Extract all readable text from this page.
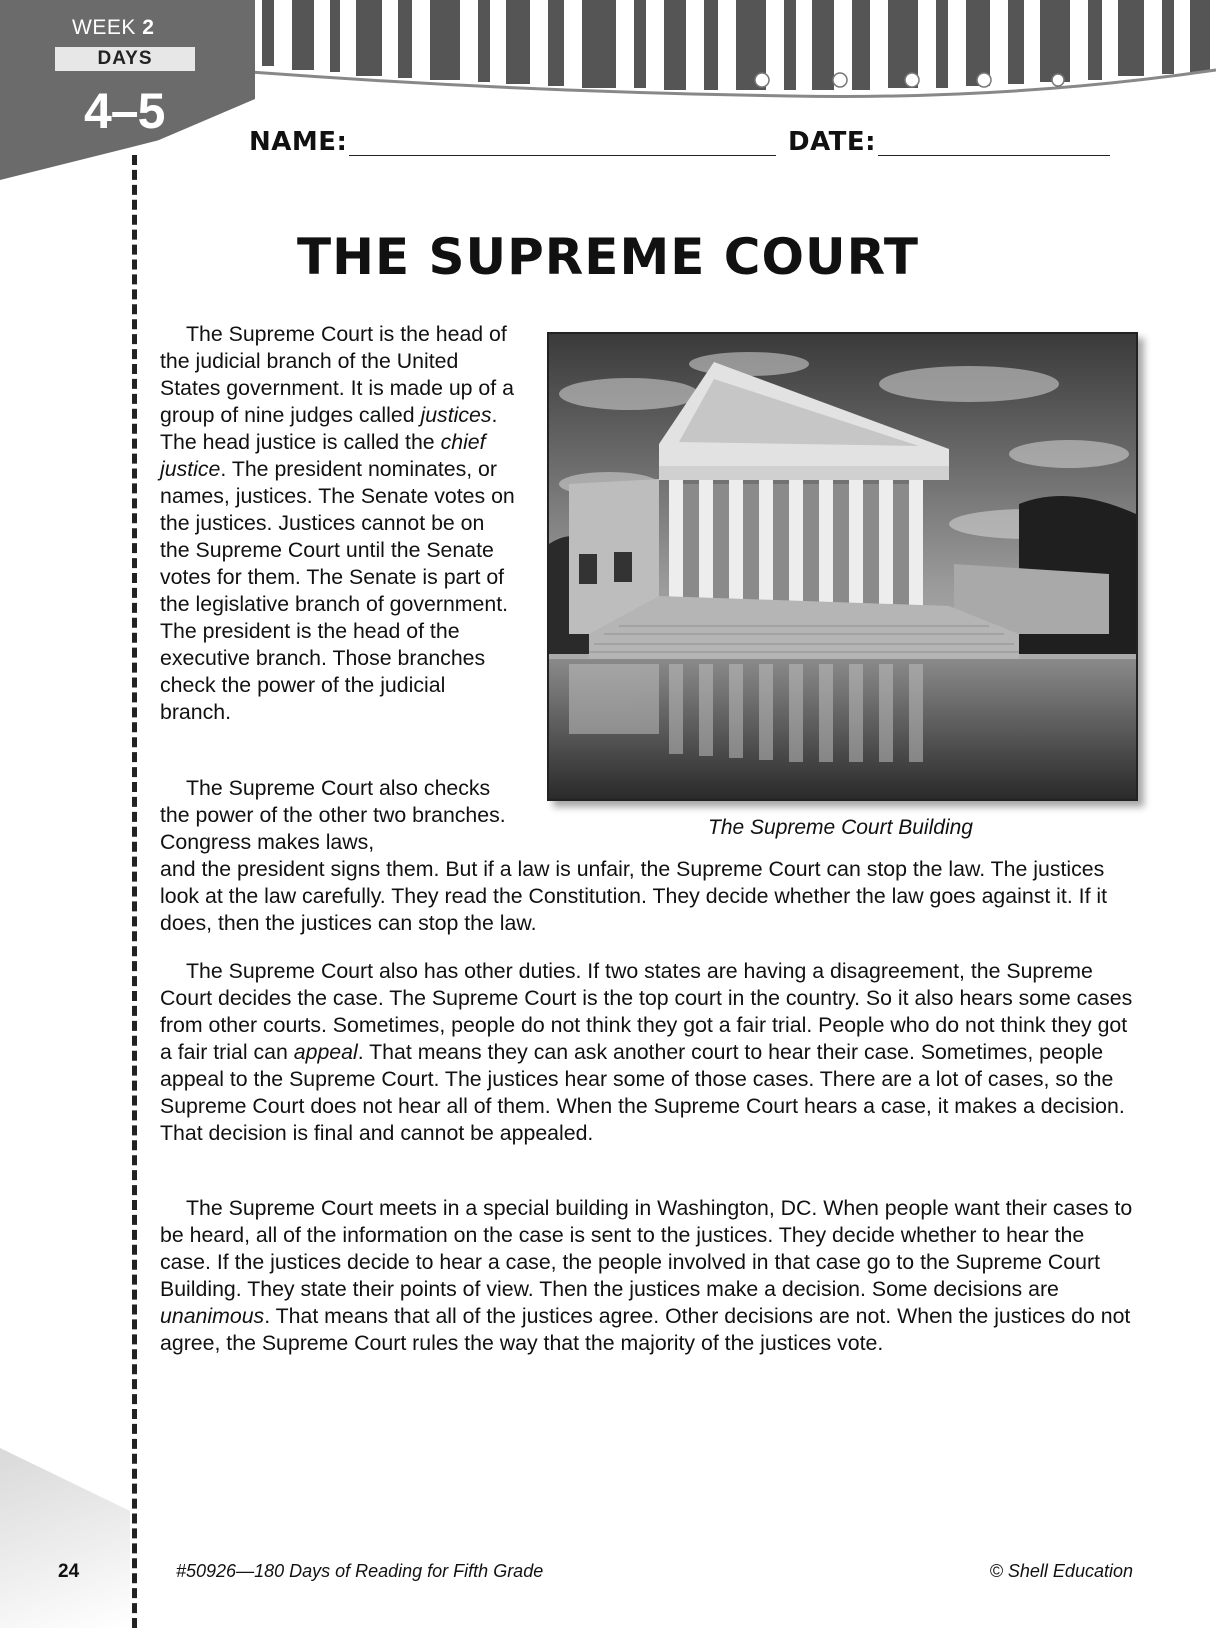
WEEK 2
DAYS
4–5
NAME:	DATE:
THE SUPREME COURT
The Supreme Court Building

The Supreme Court is the head of the judicial branch of the United States government. It is made up of a group of nine judges called justices. The head justice is called the chief justice. The president nominates, or names, justices. The Senate votes on the justices. Justices cannot be on the Supreme Court until the Senate votes for them. The Senate is part of the legislative branch of government. The president is the head of the executive branch. Those branches check the power of the judicial branch.

The Supreme Court also checks the power of the other two branches. Congress makes laws,

and the president signs them. But if a law is unfair, the Supreme Court can stop the law. The justices look at the law carefully. They read the Constitution. They decide whether the law goes against it. If it does, then the justices can stop the law.

The Supreme Court also has other duties. If two states are having a disagreement, the Supreme Court decides the case. The Supreme Court is the top court in the country. So it also hears some cases from other courts. Sometimes, people do not think they got a fair trial. People who do not think they got a fair trial can appeal. That means they can ask another court to hear their case. Sometimes, people appeal to the Supreme Court. The justices hear some of those cases. There are a lot of cases, so the Supreme Court does not hear all of them. When the Supreme Court hears a case, it makes a decision. That decision is final and cannot be appealed.

The Supreme Court meets in a special building in Washington, DC. When people want their cases to be heard, all of the information on the case is sent to the justices. They decide whether to hear the case. If the justices decide to hear a case, the people involved in that case go to the Supreme Court Building. They state their points of view. Then the justices make a decision. Some decisions are unanimous. That means that all of the justices agree. Other decisions are not. When the justices do not agree, the Supreme Court rules the way that the majority of the justices vote.

24	#50926—180 Days of Reading for Fifth Grade	© Shell Education
